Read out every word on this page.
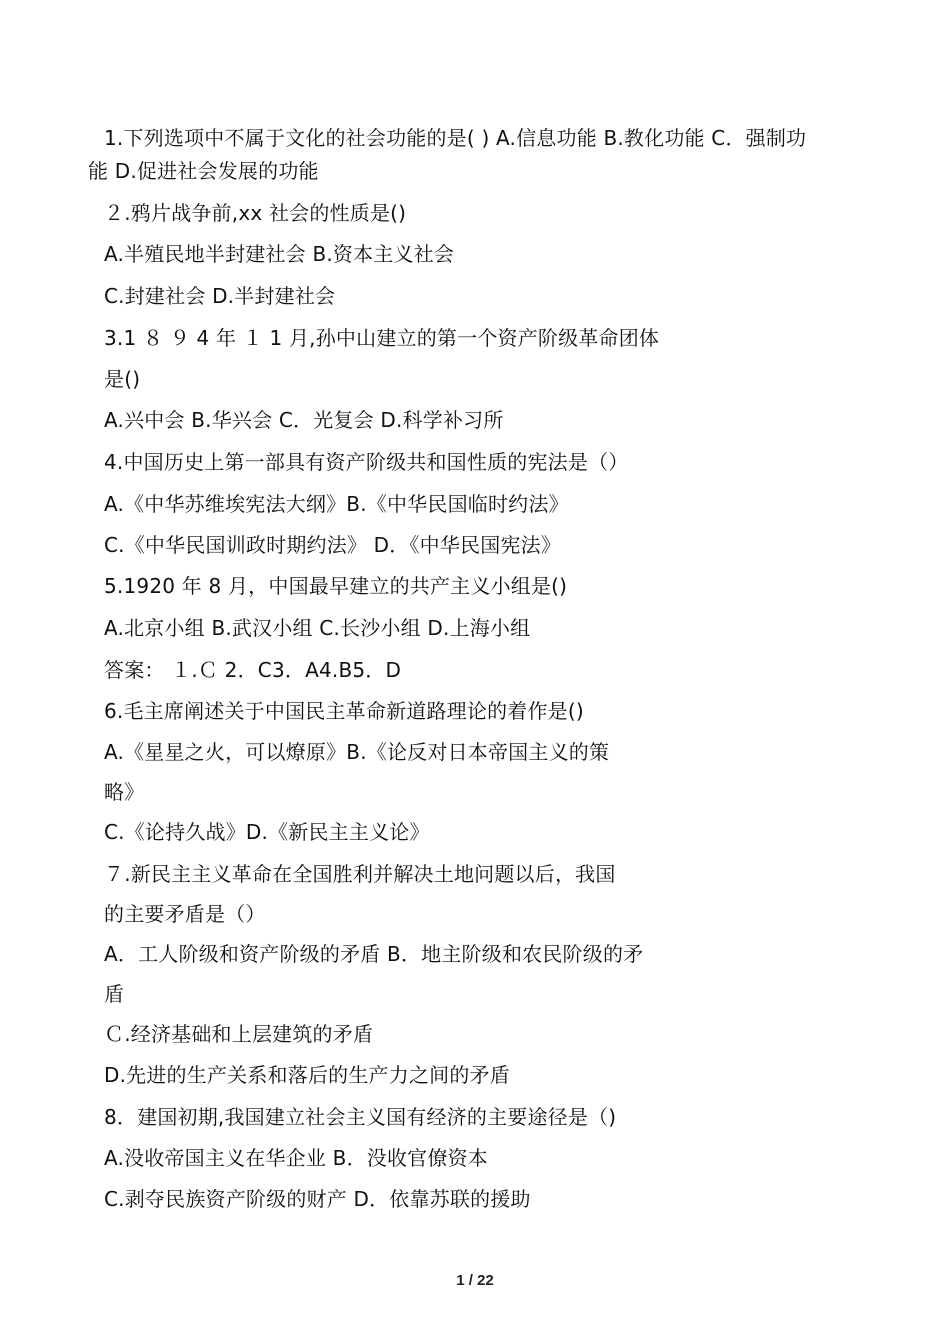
1.下列选项中不属于文化的社会功能的是( ) A.信息功能 B.教化功能 C．强制功
能 D.促进社会发展的功能
２.鸦片战争前,xx 社会的性质是()
A.半殖民地半封建社会 B.资本主义社会
C.封建社会 D.半封建社会
3.1 ８ ９ 4 年 １ 1 月,孙中山建立的第一个资产阶级革命团体
是()
A.兴中会 B.华兴会 C．光复会 D.科学补习所
4.中国历史上第一部具有资产阶级共和国性质的宪法是（）
A.《中华苏维埃宪法大纲》B.《中华民国临时约法》
C.《中华民国训政时期约法》 D．《中华民国宪法》
5.1920 年 8 月，中国最早建立的共产主义小组是()
A.北京小组 B.武汉小组 C.长沙小组 D.上海小组
答案： １.Ｃ 2．C3．A4.B5．D
6.毛主席阐述关于中国民主革命新道路理论的着作是()
A.《星星之火，可以燎原》B.《论反对日本帝国主义的策
略》
C.《论持久战》D.《新民主主义论》
７.新民主主义革命在全国胜利并解决土地问题以后，我国
的主要矛盾是（）
A．工人阶级和资产阶级的矛盾 B．地主阶级和农民阶级的矛
盾
Ｃ.经济基础和上层建筑的矛盾
D.先进的生产关系和落后的生产力之间的矛盾
8．建国初期,我国建立社会主义国有经济的主要途径是（)
A.没收帝国主义在华企业 B．没收官僚资本
C.剥夺民族资产阶级的财产 D．依靠苏联的援助
1 / 22
